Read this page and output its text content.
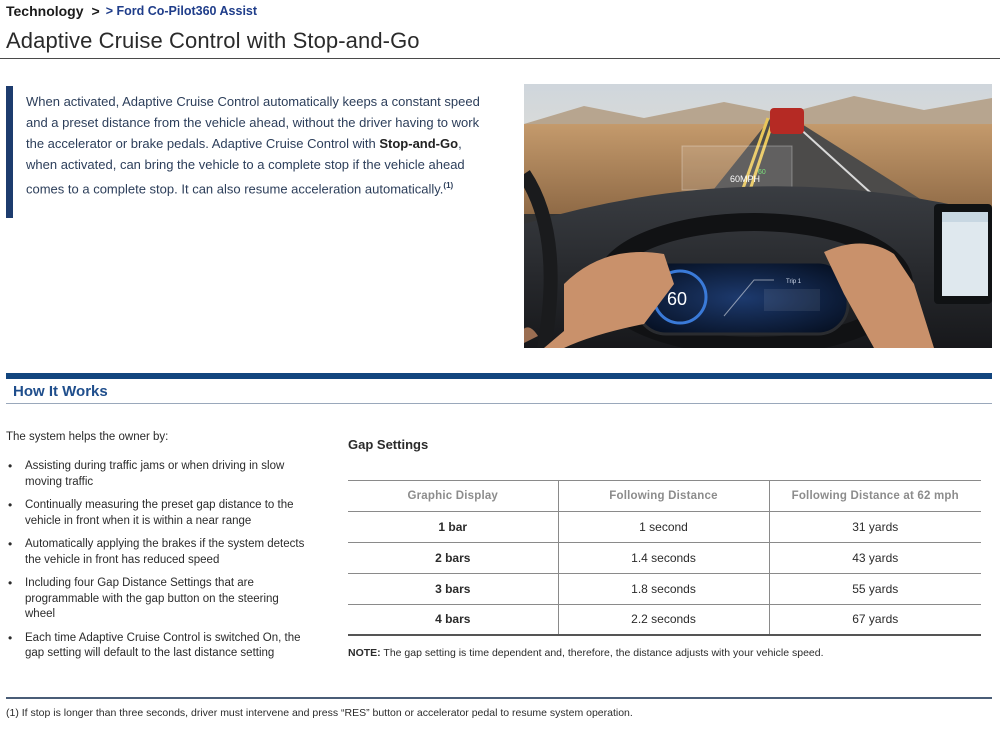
Technology > > Ford Co-Pilot360 Assist
Adaptive Cruise Control with Stop-and-Go
When activated, Adaptive Cruise Control automatically keeps a constant speed and a preset distance from the vehicle ahead, without the driver having to work the accelerator or brake pedals. Adaptive Cruise Control with Stop-and-Go, when activated, can bring the vehicle to a complete stop if the vehicle ahead comes to a complete stop. It can also resume acceleration automatically.$^{(1)}$
60MPH
60
60
Trip 1
How It Works

The system helps the owner by:

• Assisting during traffic jams or when driving in slow moving traffic
• Continually measuring the preset gap distance to the vehicle in front when it is within a near range
• Automatically applying the brakes if the system detects the vehicle in front has reduced speed
• Including four Gap Distance Settings that are programmable with the gap button on the steering wheel
• Each time Adaptive Cruise Control is switched On, the gap setting will default to the last distance setting
Gap Settings
Graphic Display	Following Distance	Following Distance at 62 mph
1 bar	1 second	31 yards
2 bars	1.4 seconds	43 yards
3 bars	1.8 seconds	55 yards
4 bars	2.2 seconds	67 yards

NOTE: The gap setting is time dependent and, therefore, the distance adjusts with your vehicle speed.

(1) If stop is longer than three seconds, driver must intervene and press “RES” button or accelerator pedal to resume system operation.
